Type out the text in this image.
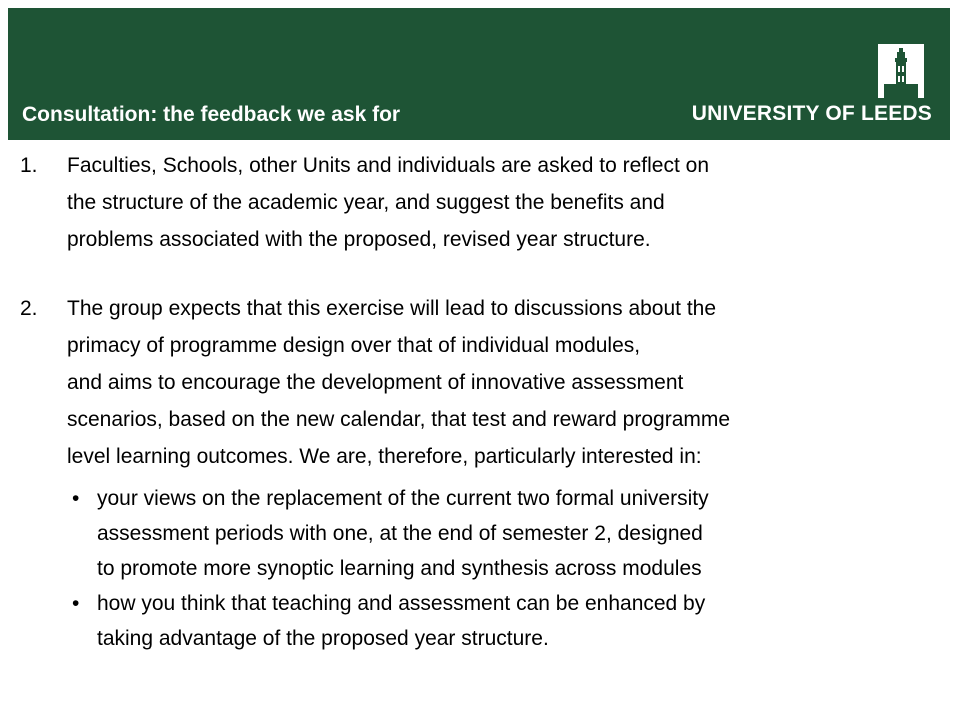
Consultation: the feedback we ask for	UNIVERSITY OF LEEDS
1. Faculties, Schools, other Units and individuals are asked to reflect on
the structure of the academic year, and suggest the benefits and
problems associated with the proposed, revised year structure.
2. The group expects that this exercise will lead to discussions about the
primacy of programme design over that of individual modules,
and aims to encourage the development of innovative assessment
scenarios, based on the new calendar, that test and reward programme
level learning outcomes. We are, therefore, particularly interested in:
• your views on the replacement of the current two formal university
assessment periods with one, at the end of semester 2, designed
to promote more synoptic learning and synthesis across modules
• how you think that teaching and assessment can be enhanced by
taking advantage of the proposed year structure.
